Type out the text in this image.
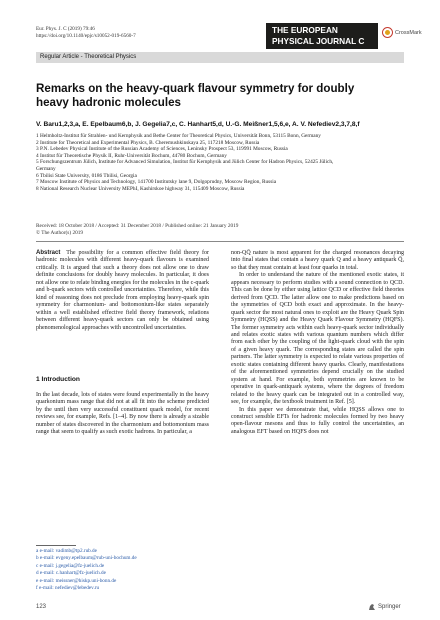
Eur. Phys. J. C (2019) 79:46
https://doi.org/10.1140/epjc/s10052-019-6560-7
THE EUROPEAN
PHYSICAL JOURNAL C
CrossMark
Regular Article - Theoretical Physics
Remarks on the heavy-quark flavour symmetry for doubly heavy hadronic molecules
V. Baru1,2,3,a, E. Epelbaum6,b, J. Gegelia7,c, C. Hanhart5,d, U.-G. Meißner1,5,6,e, A. V. Nefediev2,3,7,8,f
1 Helmholtz-Institut für Strahlen- und Kernphysik and Bethe Center for Theoretical Physics, Universität Bonn, 53115 Bonn, Germany
2 Institute for Theoretical and Experimental Physics, B. Cheremushkinskaya 25, 117218 Moscow, Russia
3 P.N. Lebedev Physical Institute of the Russian Academy of Sciences, Leninsky Prospect 53, 119991 Moscow, Russia
4 Institut für Theoretische Physik II, Ruhr-Universität Bochum, 44780 Bochum, Germany
5 Forschungszentrum Jülich, Institute for Advanced Simulation, Institut für Kernphysik and Jülich Center for Hadron Physics, 52425 Jülich,
Germany
6 Tbilisi State University, 0186 Tbilisi, Georgia
7 Moscow Institute of Physics and Technology, 141700 Institutsky lane 9, Dolgoprudny, Moscow Region, Russia
8 National Research Nuclear University MEPhI, Kashirskoe highway 31, 115409 Moscow, Russia
Received: 18 October 2018 / Accepted: 31 December 2018 / Published online: 21 January 2019
© The Author(s) 2019

Abstract The possibility for a common effective field theory for hadronic molecules with different heavy-quark flavours is examined critically. It is argued that such a theory does not allow one to draw definite conclusions for doubly heavy molecules. In particular, it does not allow one to relate binding energies for the molecules in the c-quark and b-quark sectors with controlled uncertainties. Therefore, while this kind of reasoning does not preclude from employing heavy-quark spin symmetry for charmonium- and bottomonium-like states separately within a well established effective field theory framework, relations between different heavy-quark sectors can only be obtained using phenomenological approaches with uncontrolled uncertainties.

1 Introduction

In the last decade, lots of states were found experimentally in the heavy quarkonium mass range that did not at all fit into the scheme predicted by the until then very successful constituent quark model, for recent reviews see, for example, Refs. [1–4]. By now there is already a sizable number of states discovered in the charmonium and bottomonium mass range that seem to qualify as such exotic hadrons. In particular, a

non-QQ̄ nature is most apparent for the charged resonances decaying into final states that contain a heavy quark Q and a heavy antiquark Q̄, so that they must contain at least four quarks in total.

In order to understand the nature of the mentioned exotic states, it appears necessary to perform studies with a sound connection to QCD. This can be done by either using lattice QCD or effective field theories derived from QCD. The latter allow one to make predictions based on the symmetries of QCD both exact and approximate. In the heavy-quark sector the most natural ones to exploit are the Heavy Quark Spin Symmetry (HQSS) and the Heavy Quark Flavour Symmetry (HQFS). The former symmetry acts within each heavy-quark sector individually and relates exotic states with various quantum numbers which differ from each other by the coupling of the light-quark cloud with the spin of a given heavy quark. The corresponding states are called the spin partners. The latter symmetry is expected to relate various properties of exotic states containing different heavy quarks. Clearly, manifestations of the aforementioned symmetries depend crucially on the studied system at hand. For example, both symmetries are known to be operative in quark-antiquark systems, where the degrees of freedom related to the heavy quark can be integrated out in a controlled way, see, for example, the textbook treatment in Ref. [5].

In this paper we demonstrate that, while HQSS allows one to construct sensible EFTs for hadronic molecules formed by two heavy open-flavour mesons and thus to fully control the uncertainties, an analogous EFT based on HQFS does not

a e-mail: vadimb@tp2.rub.de
b e-mail: evgeny.epelbaum@rub-uni-bochum.de
c e-mail: j.gegelia@fz-juelich.de
d e-mail: c.hanhart@fz-juelich.de
e e-mail: meissner@hiskp.uni-bonn.de
f e-mail: nefediev@lebedev.ru
123	Springer
